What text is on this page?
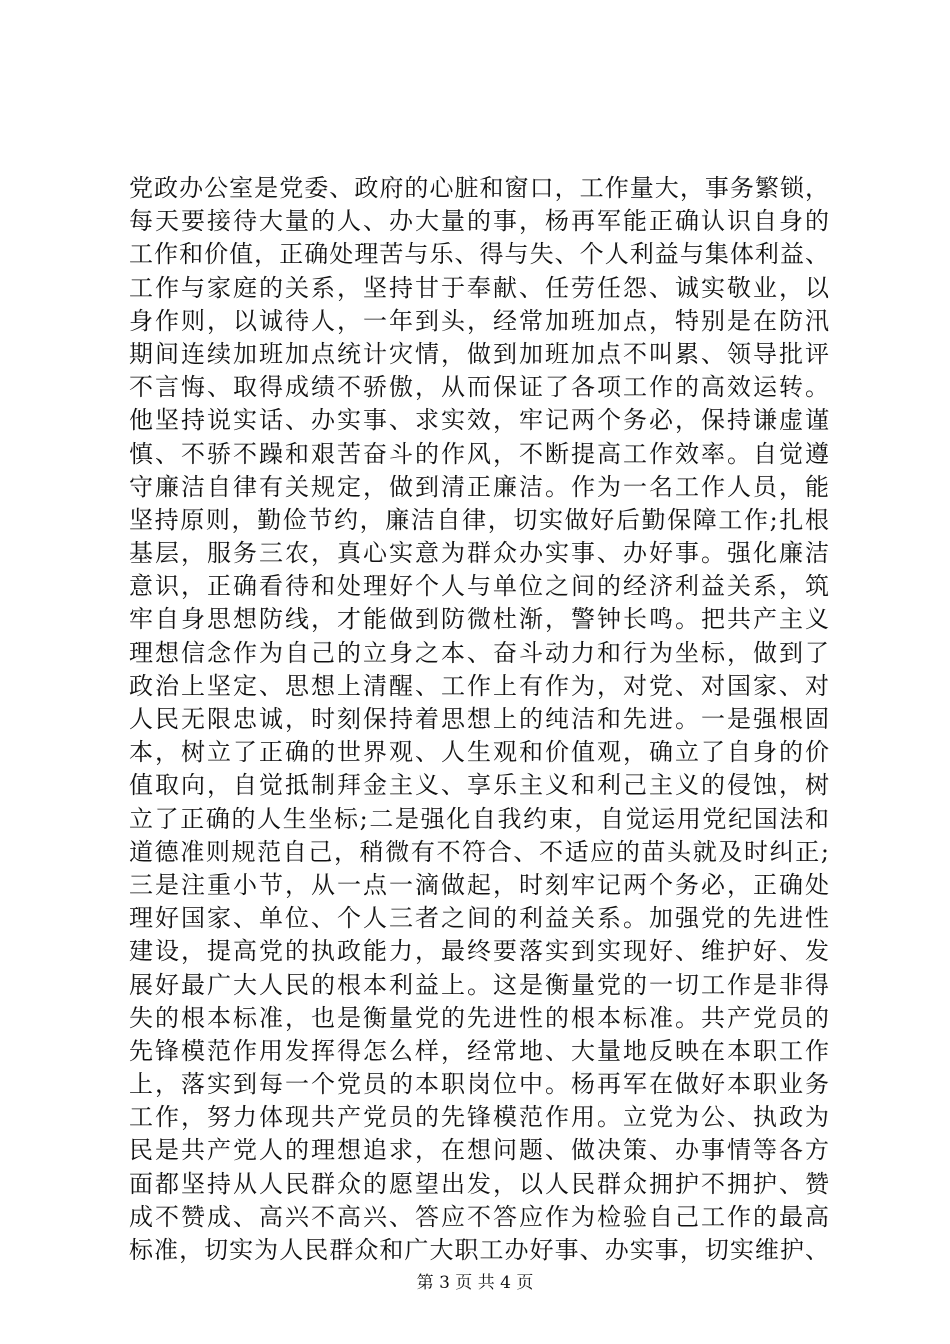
党政办公室是党委、政府的心脏和窗口，工作量大，事务繁锁，
每天要接待大量的人、办大量的事，杨再军能正确认识自身的
工作和价值，正确处理苦与乐、得与失、个人利益与集体利益、
工作与家庭的关系，坚持甘于奉献、任劳任怨、诚实敬业，以
身作则，以诚待人，一年到头，经常加班加点，特别是在防汛
期间连续加班加点统计灾情，做到加班加点不叫累、领导批评
不言悔、取得成绩不骄傲，从而保证了各项工作的高效运转。
他坚持说实话、办实事、求实效，牢记两个务必，保持谦虚谨
慎、不骄不躁和艰苦奋斗的作风，不断提高工作效率。自觉遵
守廉洁自律有关规定，做到清正廉洁。作为一名工作人员，能
坚持原则，勤俭节约，廉洁自律，切实做好后勤保障工作;扎根
基层，服务三农，真心实意为群众办实事、办好事。强化廉洁
意识，正确看待和处理好个人与单位之间的经济利益关系，筑
牢自身思想防线，才能做到防微杜渐，警钟长鸣。把共产主义
理想信念作为自己的立身之本、奋斗动力和行为坐标，做到了
政治上坚定、思想上清醒、工作上有作为，对党、对国家、对
人民无限忠诚，时刻保持着思想上的纯洁和先进。一是强根固
本，树立了正确的世界观、人生观和价值观，确立了自身的价
值取向，自觉抵制拜金主义、享乐主义和利己主义的侵蚀，树
立了正确的人生坐标;二是强化自我约束，自觉运用党纪国法和
道德准则规范自己，稍微有不符合、不适应的苗头就及时纠正;
三是注重小节，从一点一滴做起，时刻牢记两个务必，正确处
理好国家、单位、个人三者之间的利益关系。加强党的先进性
建设，提高党的执政能力，最终要落实到实现好、维护好、发
展好最广大人民的根本利益上。这是衡量党的一切工作是非得
失的根本标准，也是衡量党的先进性的根本标准。共产党员的
先锋模范作用发挥得怎么样，经常地、大量地反映在本职工作
上，落实到每一个党员的本职岗位中。杨再军在做好本职业务
工作，努力体现共产党员的先锋模范作用。立党为公、执政为
民是共产党人的理想追求，在想问题、做决策、办事情等各方
面都坚持从人民群众的愿望出发，以人民群众拥护不拥护、赞
成不赞成、高兴不高兴、答应不答应作为检验自己工作的最高
标准，切实为人民群众和广大职工办好事、办实事，切实维护、
第 3 页 共 4 页
